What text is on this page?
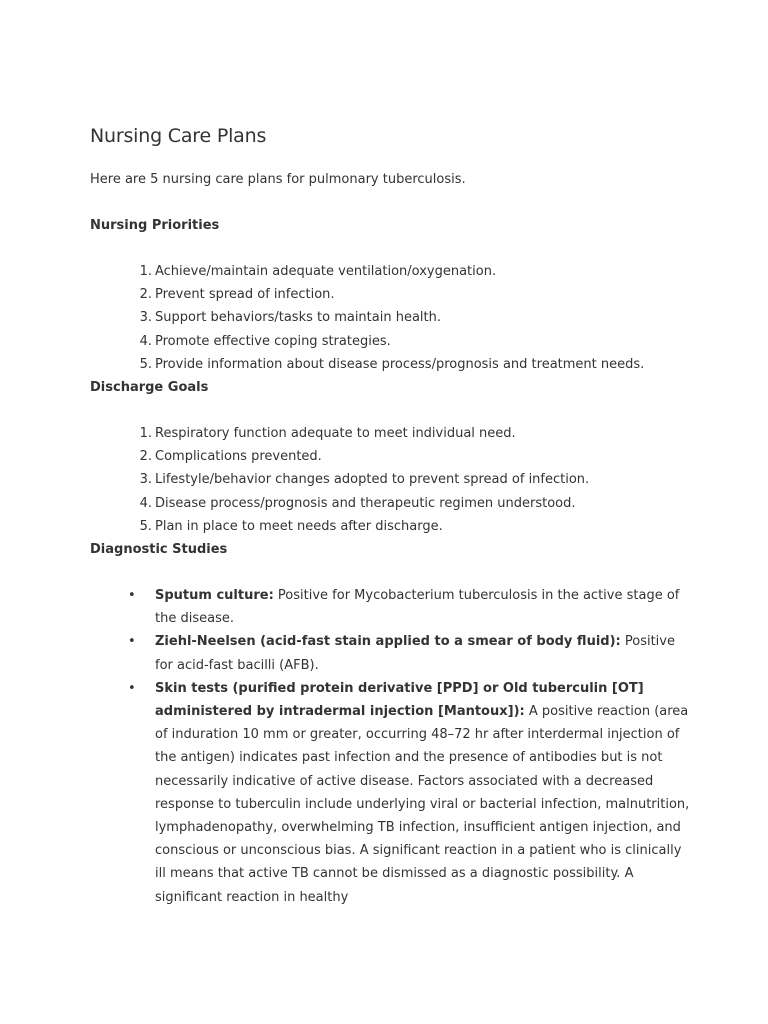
Nursing Care Plans

Here are 5 nursing care plans for pulmonary tuberculosis.

Nursing Priorities
1. Achieve/maintain adequate ventilation/oxygenation.
2. Prevent spread of infection.
3. Support behaviors/tasks to maintain health.
4. Promote effective coping strategies.
5. Provide information about disease process/prognosis and treatment needs.
Discharge Goals
1. Respiratory function adequate to meet individual need.
2. Complications prevented.
3. Lifestyle/behavior changes adopted to prevent spread of infection.
4. Disease process/prognosis and therapeutic regimen understood.
5. Plan in place to meet needs after discharge.
Diagnostic Studies
• Sputum culture: Positive for Mycobacterium tuberculosis in the active stage of the disease.
• Ziehl-Neelsen (acid-fast stain applied to a smear of body fluid): Positive for acid-fast bacilli (AFB).
• Skin tests (purified protein derivative [PPD] or Old tuberculin [OT] administered by intradermal injection [Mantoux]): A positive reaction (area of induration 10 mm or greater, occurring 48–72 hr after interdermal injection of the antigen) indicates past infection and the presence of antibodies but is not necessarily indicative of active disease. Factors associated with a decreased response to tuberculin include underlying viral or bacterial infection, malnutrition, lymphadenopathy, overwhelming TB infection, insufficient antigen injection, and conscious or unconscious bias. A significant reaction in a patient who is clinically ill means that active TB cannot be dismissed as a diagnostic possibility. A significant reaction in healthy
